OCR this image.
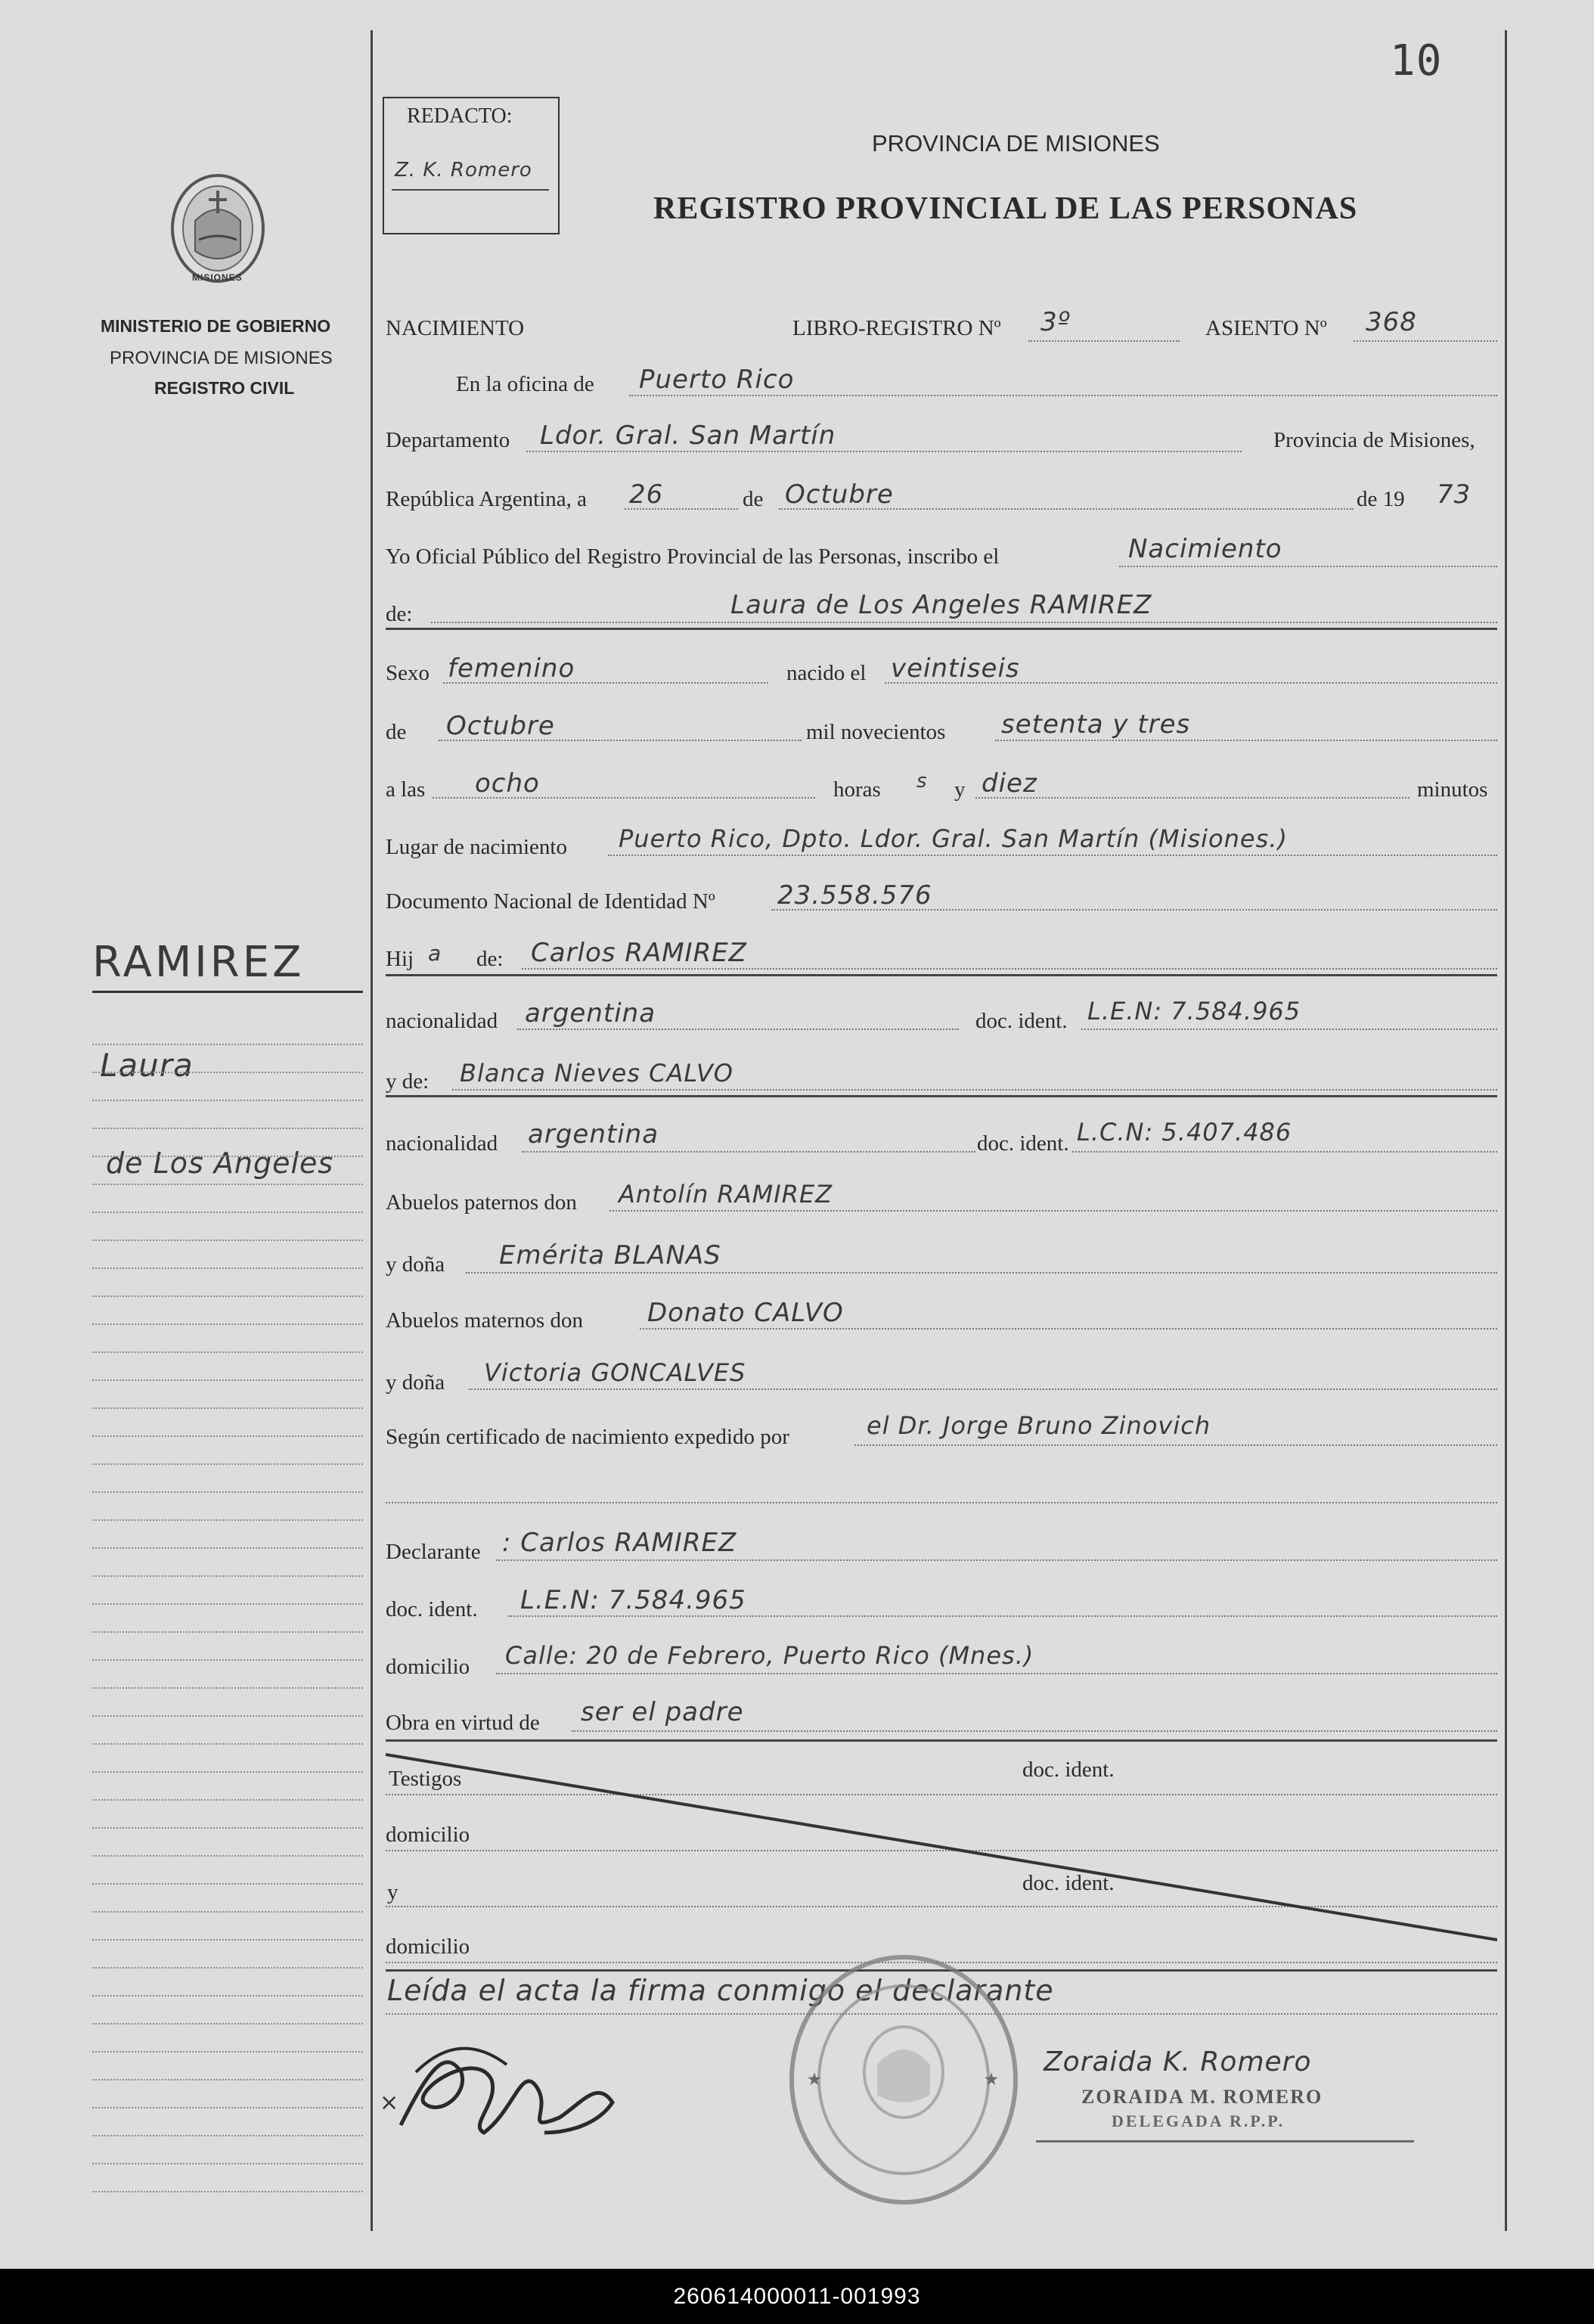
10
REDACTO:
Z. K. Romero
PROVINCIA DE MISIONES
REGISTRO PROVINCIAL DE LAS PERSONAS
MISIONES
MINISTERIO DE GOBIERNO
PROVINCIA DE MISIONES
REGISTRO CIVIL
RAMIREZ
Laura
de Los Angeles
NACIMIENTO	LIBRO-REGISTRO Nº 3º	ASIENTO Nº 368
En la oficina de Puerto Rico
Departamento Ldor. Gral. San Martín	Provincia de Misiones,
República Argentina, a 26	de Octubre	de 19 73
Yo Oficial Público del Registro Provincial de las Personas, inscribo el	Nacimiento
de:	Laura de Los Angeles RAMIREZ
Sexo femenino	nacido el veintiseis
de Octubre	mil novecientos setenta y tres
a las ocho	horas s y diez	minutos
Lugar de nacimiento Puerto Rico, Dpto. Ldor. Gral. San Martín (Misiones.)
Documento Nacional de Identidad Nº 23.558.576
Hij a de: Carlos RAMIREZ
nacionalidad argentina	doc. ident. L.E.N: 7.584.965
y de: Blanca Nieves CALVO
nacionalidad argentina	doc. ident. L.C.N: 5.407.486
Abuelos paternos don Antolín RAMIREZ
y doña Emérita BLANAS
Abuelos maternos don	Donato CALVO
y doña Victoria GONCALVES
Según certificado de nacimiento expedido por	el Dr. Jorge Bruno Zinovich
Declarante : Carlos RAMIREZ
doc. ident. L.E.N: 7.584.965
domicilio Calle: 20 de Febrero, Puerto Rico (Mnes.)
Obra en virtud de ser el padre
Testigos	doc. ident.
domicilio
y	doc. ident.
domicilio
Leída el acta la firma conmigo el declarante
★	★
×
Zoraida K. Romero
ZORAIDA M. ROMERO
DELEGADA R.P.P.
260614000011-001993
